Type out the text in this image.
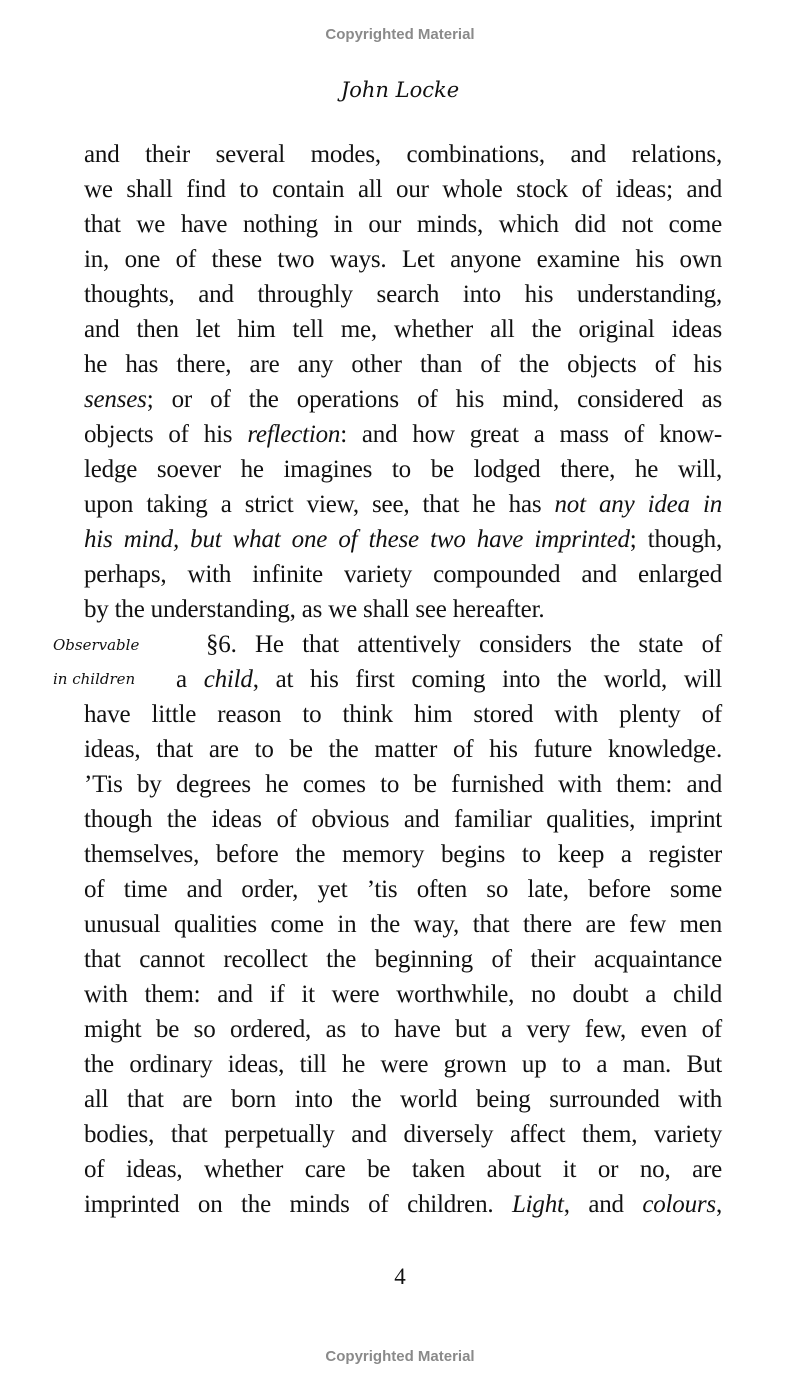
Copyrighted Material
John Locke
Observable
in children
and their several modes, combinations, and relations,
we shall find to contain all our whole stock of ideas; and
that we have nothing in our minds, which did not come
in, one of these two ways. Let anyone examine his own
thoughts, and throughly search into his understanding,
and then let him tell me, whether all the original ideas
he has there, are any other than of the objects of his
senses; or of the operations of his mind, considered as
objects of his reflection: and how great a mass of know-
ledge soever he imagines to be lodged there, he will,
upon taking a strict view, see, that he has not any idea in
his mind, but what one of these two have imprinted; though,
perhaps, with infinite variety compounded and enlarged
by the understanding, as we shall see hereafter.
§6. He that attentively considers the state of
a child, at his first coming into the world, will
have little reason to think him stored with plenty of
ideas, that are to be the matter of his future knowledge.
’Tis by degrees he comes to be furnished with them: and
though the ideas of obvious and familiar qualities, imprint
themselves, before the memory begins to keep a register
of time and order, yet ’tis often so late, before some
unusual qualities come in the way, that there are few men
that cannot recollect the beginning of their acquaintance
with them: and if it were worthwhile, no doubt a child
might be so ordered, as to have but a very few, even of
the ordinary ideas, till he were grown up to a man. But
all that are born into the world being surrounded with
bodies, that perpetually and diversely affect them, variety
of ideas, whether care be taken about it or no, are
imprinted on the minds of children. Light, and colours,
4
Copyrighted Material
